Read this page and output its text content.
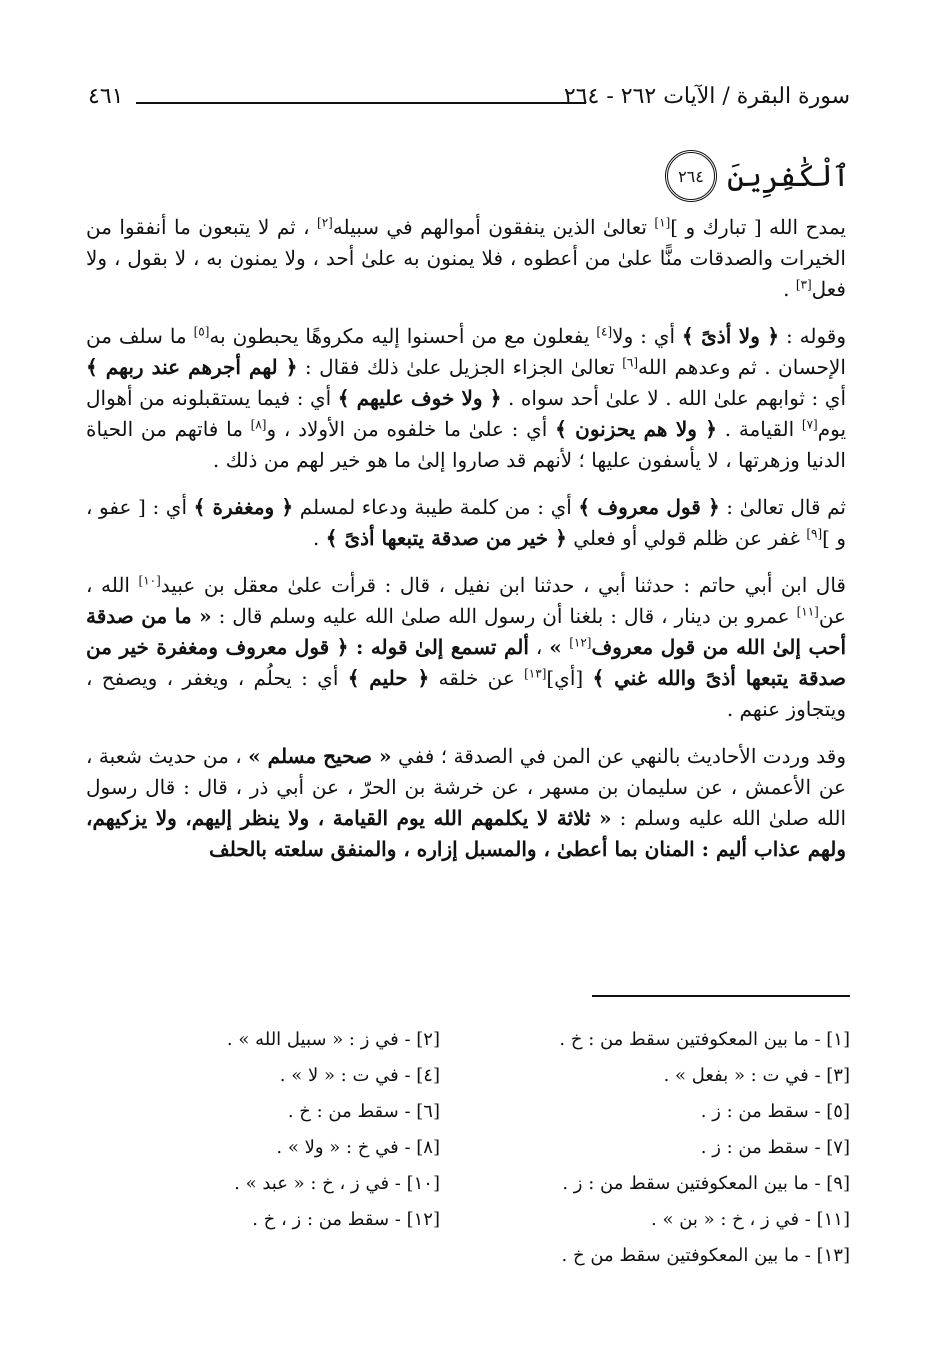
سورة البقرة / الآيات ٢٦٢ - ٢٦٤
٤٦١
ٱلْكَٰفِرِينَ
٢٦٤

يمدح الله [ تبارك و ][١] تعالىٰ الذين ينفقون أموالهم في سبيله[٢] ، ثم لا يتبعون ما أنفقوا من الخيرات والصدقات منًّا علىٰ من أعطوه ، فلا يمنون به علىٰ أحد ، ولا يمنون به ، لا بقول ، ولا فعل[٣] .

وقوله : ﴿ ولا أذىً ﴾ أي : ولا[٤] يفعلون مع من أحسنوا إليه مكروهًا يحبطون به[٥] ما سلف من الإحسان . ثم وعدهم الله[٦] تعالىٰ الجزاء الجزيل علىٰ ذلك فقال : ﴿ لهم أجرهم عند ربهم ﴾ أي : ثوابهم علىٰ الله . لا علىٰ أحد سواه . ﴿ ولا خوف عليهم ﴾ أي : فيما يستقبلونه من أهوال يوم[٧] القيامة . ﴿ ولا هم يحزنون ﴾ أي : علىٰ ما خلفوه من الأولاد ، و[٨] ما فاتهم من الحياة الدنيا وزهرتها ، لا يأسفون عليها ؛ لأنهم قد صاروا إلىٰ ما هو خير لهم من ذلك .

ثم قال تعالىٰ : ﴿ قول معروف ﴾ أي : من كلمة طيبة ودعاء لمسلم ﴿ ومغفرة ﴾ أي : [ عفو ، و ][٩] غفر عن ظلم قولي أو فعلي ﴿ خير من صدقة يتبعها أذىً ﴾ .

قال ابن أبي حاتم : حدثنا أبي ، حدثنا ابن نفيل ، قال : قرأت علىٰ معقل بن عبيد[١٠] الله ، عن[١١] عمرو بن دينار ، قال : بلغنا أن رسول الله صلىٰ الله عليه وسلم قال : « ما من صدقة أحب إلىٰ الله من قول معروف[١٢] » ، ألم تسمع إلىٰ قوله : ﴿ قول معروف ومغفرة خير من صدقة يتبعها أذىً والله غني ﴾ [أي][١٣] عن خلقه ﴿ حليم ﴾ أي : يحلُم ، ويغفر ، ويصفح ، ويتجاوز عنهم .

وقد وردت الأحاديث بالنهي عن المن في الصدقة ؛ ففي « صحيح مسلم » ، من حديث شعبة ، عن الأعمش ، عن سليمان بن مسهر ، عن خرشة بن الحرّ ، عن أبي ذر ، قال : قال رسول الله صلىٰ الله عليه وسلم : « ثلاثة لا يكلمهم الله يوم القيامة ، ولا ينظر إليهم، ولا يزكيهم، ولهم عذاب أليم : المنان بما أعطىٰ ، والمسبل إزاره ، والمنفق سلعته بالحلف

[١] - ما بين المعكوفتين سقط من : خ .
[٢] - في ز : « سبيل الله » .
[٣] - في ت : « بفعل » .
[٤] - في ت : « لا » .
[٥] - سقط من : ز .
[٦] - سقط من : خ .
[٧] - سقط من : ز .
[٨] - في خ : « ولا » .
[٩] - ما بين المعكوفتين سقط من : ز .
[١٠] - في ز ، خ : « عبد » .
[١١] - في ز ، خ : « بن » .
[١٢] - سقط من : ز ، خ .
[١٣] - ما بين المعكوفتين سقط من خ .
